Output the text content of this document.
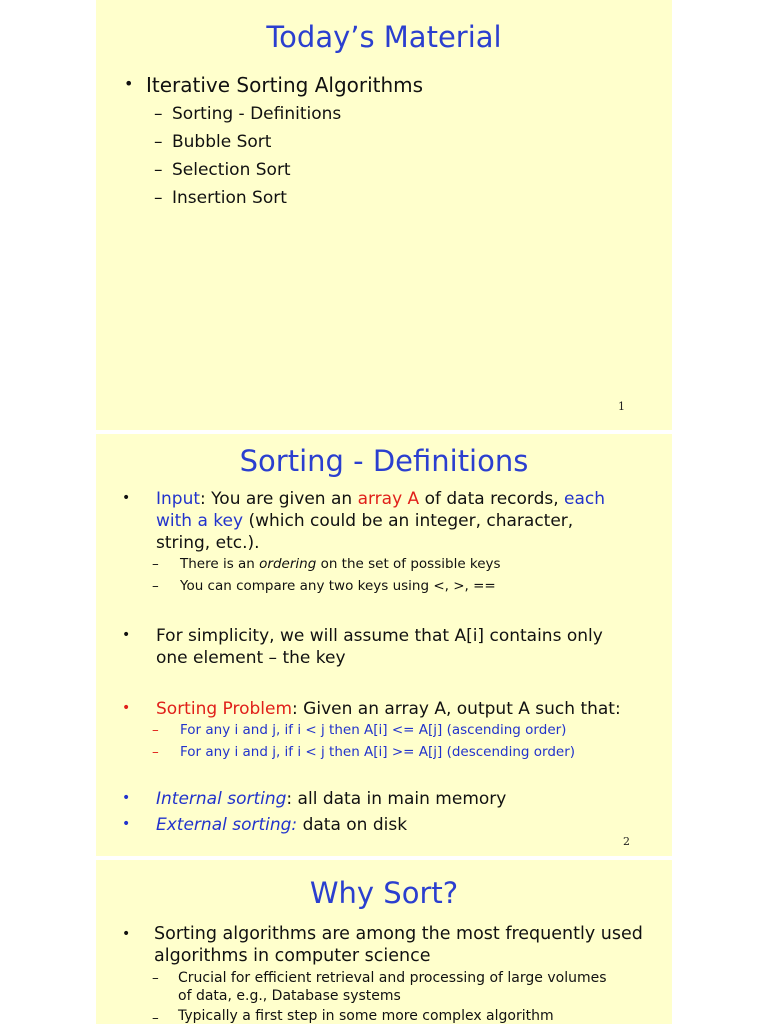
Today’s Material
• Iterative Sorting Algorithms
– Sorting - Definitions
– Bubble Sort
– Selection Sort
– Insertion Sort
1
Sorting - Definitions
• Input: You are given an array A of data records, each
with a key (which could be an integer, character,
string, etc.).
– There is an ordering on the set of possible keys
– You can compare any two keys using <, >, ==
• For simplicity, we will assume that A[i] contains only
one element – the key
• Sorting Problem: Given an array A, output A such that:
– For any i and j, if i < j then A[i] <= A[j] (ascending order)
– For any i and j, if i < j then A[i] >= A[j] (descending order)
• Internal sorting: all data in main memory
• External sorting: data on disk
2
Why Sort?
• Sorting algorithms are among the most frequently used
algorithms in computer science
– Crucial for efficient retrieval and processing of large volumes
of data, e.g., Database systems
– Typically a first step in some more complex algorithm
